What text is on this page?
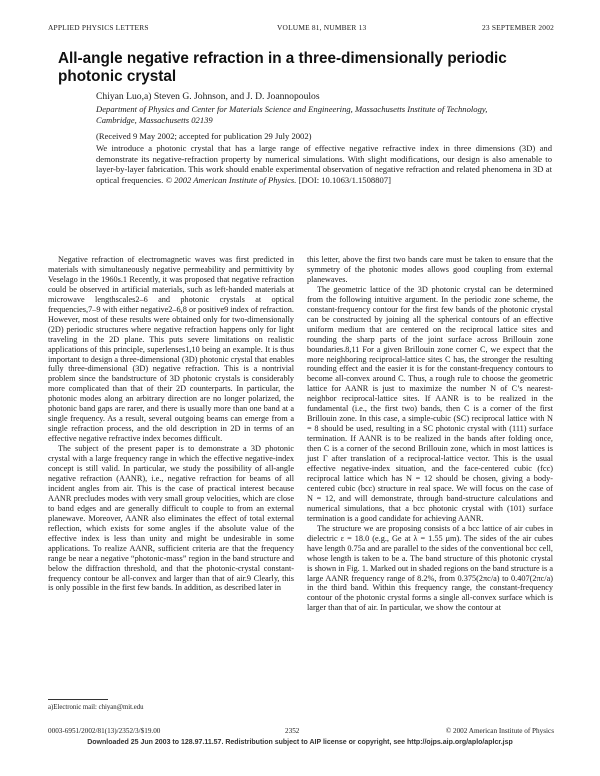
APPLIED PHYSICS LETTERS	VOLUME 81, NUMBER 13	23 SEPTEMBER 2002
All-angle negative refraction in a three-dimensionally periodic photonic crystal
Chiyan Luo,a) Steven G. Johnson, and J. D. Joannopoulos
Department of Physics and Center for Materials Science and Engineering, Massachusetts Institute of Technology, Cambridge, Massachusetts 02139
(Received 9 May 2002; accepted for publication 29 July 2002)
We introduce a photonic crystal that has a large range of effective negative refractive index in three dimensions (3D) and demonstrate its negative-refraction property by numerical simulations. With slight modifications, our design is also amenable to layer-by-layer fabrication. This work should enable experimental observation of negative refraction and related phenomena in 3D at optical frequencies. © 2002 American Institute of Physics. [DOI: 10.1063/1.1508807]

Negative refraction of electromagnetic waves was first predicted in materials with simultaneously negative permeability and permittivity by Veselago in the 1960s.1 Recently, it was proposed that negative refraction could be observed in artificial materials, such as left-handed materials at microwave lengthscales2–6 and photonic crystals at optical frequencies,7–9 with either negative2–6,8 or positive9 index of refraction. However, most of these results were obtained only for two-dimensionally (2D) periodic structures where negative refraction happens only for light traveling in the 2D plane. This puts severe limitations on realistic applications of this principle, superlenses1,10 being an example. It is thus important to design a three-dimensional (3D) photonic crystal that enables fully three-dimensional (3D) negative refraction. This is a nontrivial problem since the bandstructure of 3D photonic crystals is considerably more complicated than that of their 2D counterparts. In particular, the photonic modes along an arbitrary direction are no longer polarized, the photonic band gaps are rarer, and there is usually more than one band at a single frequency. As a result, several outgoing beams can emerge from a single refraction process, and the old description in 2D in terms of an effective negative refractive index becomes difficult.

The subject of the present paper is to demonstrate a 3D photonic crystal with a large frequency range in which the effective negative-index concept is still valid. In particular, we study the possibility of all-angle negative refraction (AANR), i.e., negative refraction for beams of all incident angles from air. This is the case of practical interest because AANR precludes modes with very small group velocities, which are close to band edges and are generally difficult to couple to from an external planewave. Moreover, AANR also eliminates the effect of total external reflection, which exists for some angles if the absolute value of the effective index is less than unity and might be undesirable in some applications. To realize AANR, sufficient criteria are that the frequency range be near a negative “photonic-mass” region in the band structure and below the diffraction threshold, and that the photonic-crystal constant-frequency contour be all-convex and larger than that of air.9 Clearly, this is only possible in the first few bands. In addition, as described later in

this letter, above the first two bands care must be taken to ensure that the symmetry of the photonic modes allows good coupling from external planewaves.

The geometric lattice of the 3D photonic crystal can be determined from the following intuitive argument. In the periodic zone scheme, the constant-frequency contour for the first few bands of the photonic crystal can be constructed by joining all the spherical contours of an effective uniform medium that are centered on the reciprocal lattice sites and rounding the sharp parts of the joint surface across Brillouin zone boundaries.8,11 For a given Brillouin zone corner C, we expect that the more neighboring reciprocal-lattice sites C has, the stronger the resulting rounding effect and the easier it is for the constant-frequency contours to become all-convex around C. Thus, a rough rule to choose the geometric lattice for AANR is just to maximize the number N of C’s nearest-neighbor reciprocal-lattice sites. If AANR is to be realized in the fundamental (i.e., the first two) bands, then C is a corner of the first Brillouin zone. In this case, a simple-cubic (SC) reciprocal lattice with N = 8 should be used, resulting in a SC photonic crystal with (111) surface termination. If AANR is to be realized in the bands after folding once, then C is a corner of the second Brillouin zone, which in most lattices is just Γ after translation of a reciprocal-lattice vector. This is the usual effective negative-index situation, and the face-centered cubic (fcc) reciprocal lattice which has N = 12 should be chosen, giving a body-centered cubic (bcc) structure in real space. We will focus on the case of N = 12, and will demonstrate, through band-structure calculations and numerical simulations, that a bcc photonic crystal with (101) surface termination is a good candidate for achieving AANR.

The structure we are proposing consists of a bcc lattice of air cubes in dielectric ε = 18.0 (e.g., Ge at λ = 1.55 μm). The sides of the air cubes have length 0.75a and are parallel to the sides of the conventional bcc cell, whose length is taken to be a. The band structure of this photonic crystal is shown in Fig. 1. Marked out in shaded regions on the band structure is a large AANR frequency range of 8.2%, from 0.375(2πc/a) to 0.407(2πc/a) in the third band. Within this frequency range, the constant-frequency contour of the photonic crystal forms a single all-convex surface which is larger than that of air. In particular, we show the contour at

a)Electronic mail: chiyan@mit.edu
0003-6951/2002/81(13)/2352/3/$19.00	2352	© 2002 American Institute of Physics
Downloaded 25 Jun 2003 to 128.97.11.57. Redistribution subject to AIP license or copyright, see http://ojps.aip.org/aplo/aplcr.jsp
